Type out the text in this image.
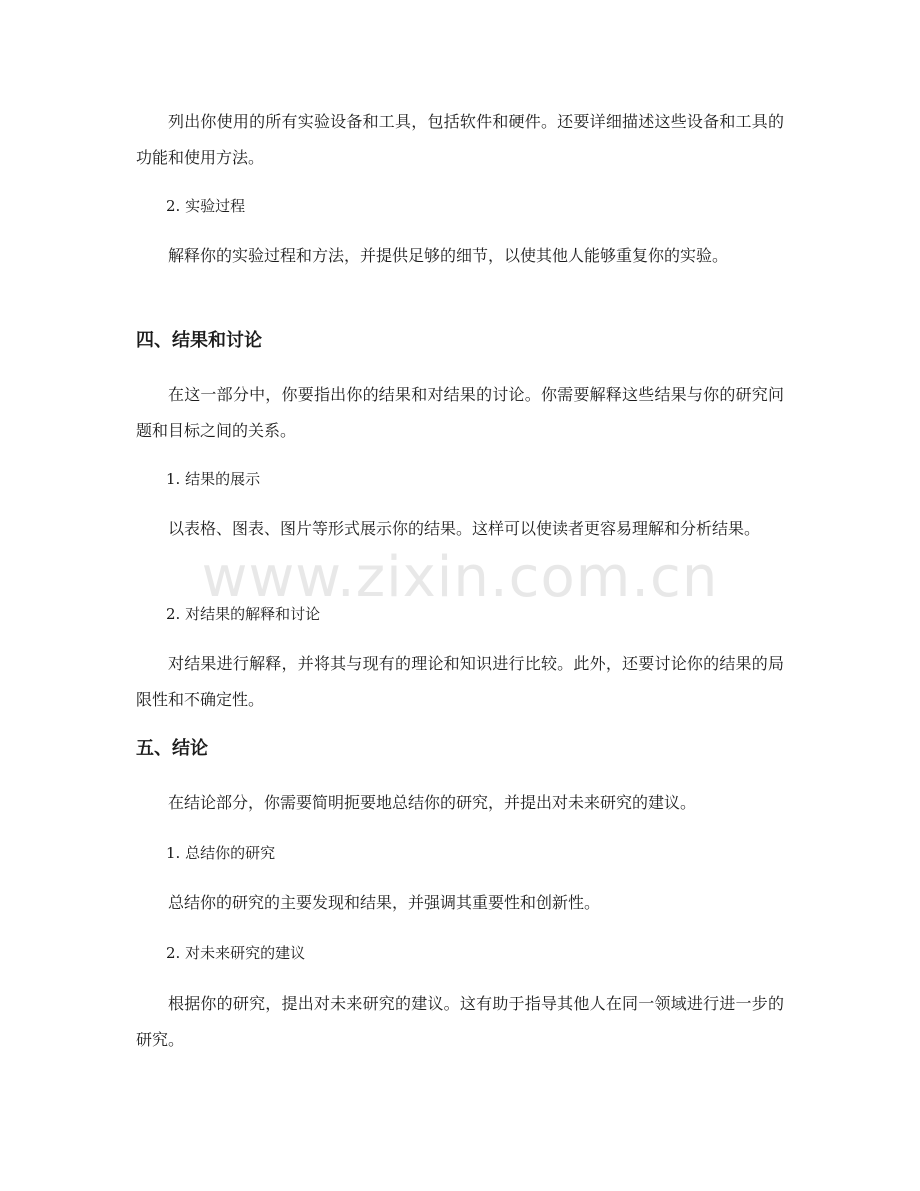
列出你使用的所有实验设备和工具，包括软件和硬件。还要详细描述这些设备和工具的功能和使用方法。

2. 实验过程

解释你的实验过程和方法，并提供足够的细节，以使其他人能够重复你的实验。

四、结果和讨论

在这一部分中，你要指出你的结果和对结果的讨论。你需要解释这些结果与你的研究问题和目标之间的关系。

1. 结果的展示

以表格、图表、图片等形式展示你的结果。这样可以使读者更容易理解和分析结果。

2. 对结果的解释和讨论

对结果进行解释，并将其与现有的理论和知识进行比较。此外，还要讨论你的结果的局限性和不确定性。

五、结论

在结论部分，你需要简明扼要地总结你的研究，并提出对未来研究的建议。

1. 总结你的研究

总结你的研究的主要发现和结果，并强调其重要性和创新性。

2. 对未来研究的建议

根据你的研究，提出对未来研究的建议。这有助于指导其他人在同一领域进行进一步的研究。

www.zixin.com.cn
